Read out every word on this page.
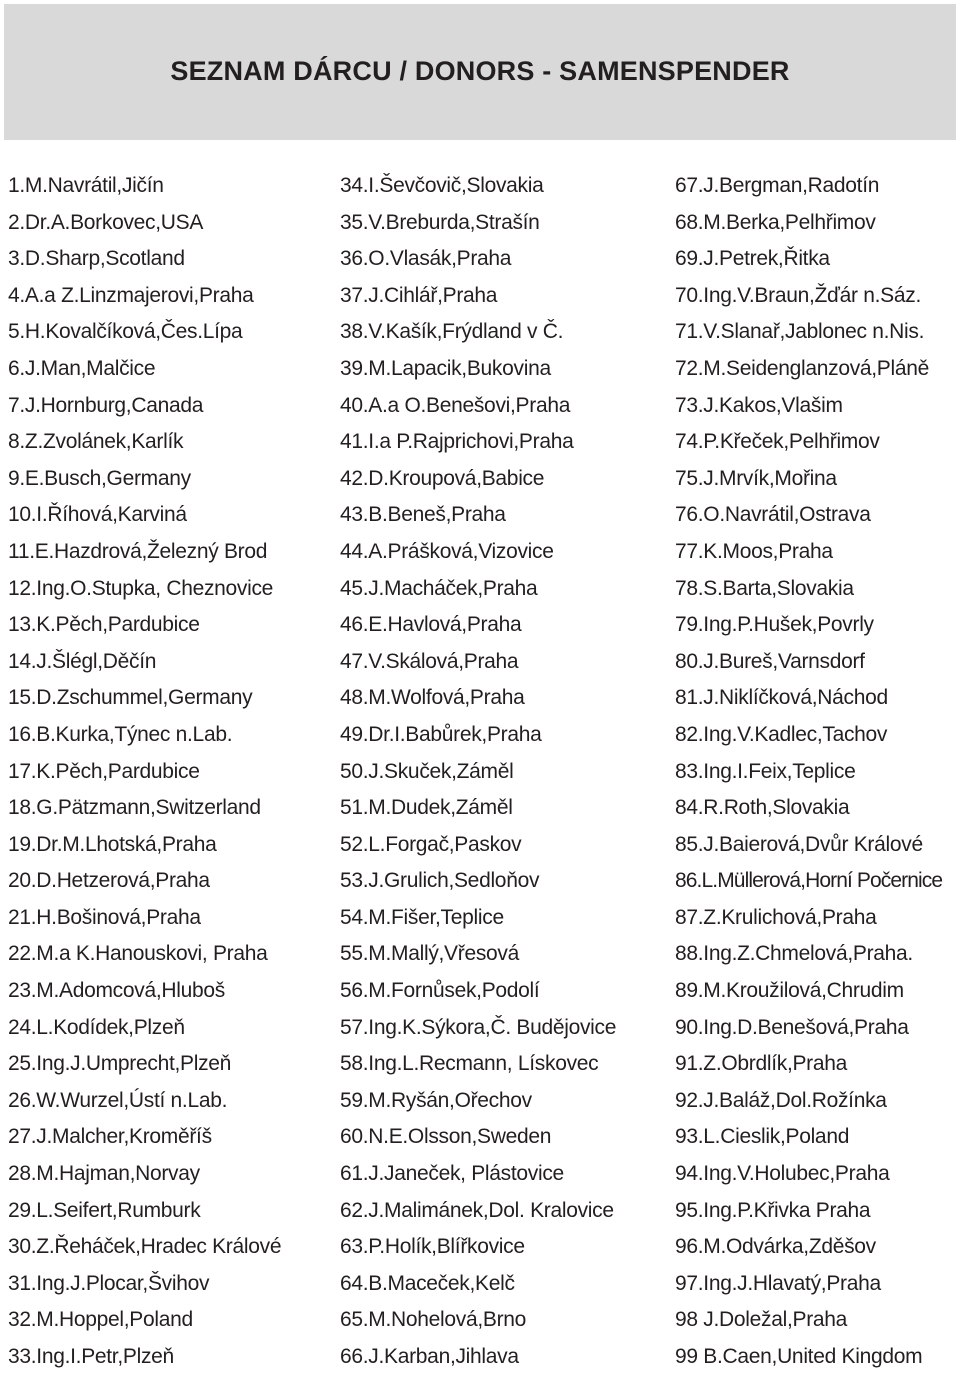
SEZNAM DÁRCU / DONORS - SAMENSPENDER
1.M.Navrátil,Jičín
2.Dr.A.Borkovec,USA
3.D.Sharp,Scotland
4.A.a Z.Linzmajerovi,Praha
5.H.Kovalčíková,Čes.Lípa
6.J.Man,Malčice
7.J.Hornburg,Canada
8.Z.Zvolánek,Karlík
9.E.Busch,Germany
10.I.Říhová,Karviná
11.E.Hazdrová,Železný Brod
12.Ing.O.Stupka, Cheznovice
13.K.Pěch,Pardubice
14.J.Šlégl,Děčín
15.D.Zschummel,Germany
16.B.Kurka,Týnec n.Lab.
17.K.Pěch,Pardubice
18.G.Pätzmann,Switzerland
19.Dr.M.Lhotská,Praha
20.D.Hetzerová,Praha
21.H.Bošinová,Praha
22.M.a K.Hanouskovi, Praha
23.M.Adomcová,Hluboš
24.L.Kodídek,Plzeň
25.Ing.J.Umprecht,Plzeň
26.W.Wurzel,Ústí n.Lab.
27.J.Malcher,Kroměříš
28.M.Hajman,Norvay
29.L.Seifert,Rumburk
30.Z.Řeháček,Hradec Králové
31.Ing.J.Plocar,Švihov
32.M.Hoppel,Poland
33.Ing.I.Petr,Plzeň
34.I.Ševčovič,Slovakia
35.V.Breburda,Strašín
36.O.Vlasák,Praha
37.J.Cihlář,Praha
38.V.Kašík,Frýdland v Č.
39.M.Lapacik,Bukovina
40.A.a O.Benešovi,Praha
41.I.a P.Rajprichovi,Praha
42.D.Kroupová,Babice
43.B.Beneš,Praha
44.A.Prášková,Vizovice
45.J.Macháček,Praha
46.E.Havlová,Praha
47.V.Skálová,Praha
48.M.Wolfová,Praha
49.Dr.I.Babůrek,Praha
50.J.Skuček,Záměl
51.M.Dudek,Záměl
52.L.Forgač,Paskov
53.J.Grulich,Sedloňov
54.M.Fišer,Teplice
55.M.Mallý,Vřesová
56.M.Fornůsek,Podolí
57.Ing.K.Sýkora,Č. Budějovice
58.Ing.L.Recmann, Lískovec
59.M.Ryšán,Ořechov
60.N.E.Olsson,Sweden
61.J.Janeček, Plástovice
62.J.Malimánek,Dol. Kralovice
63.P.Holík,Blířkovice
64.B.Maceček,Kelč
65.M.Nohelová,Brno
66.J.Karban,Jihlava
67.J.Bergman,Radotín
68.M.Berka,Pelhřimov
69.J.Petrek,Řitka
70.Ing.V.Braun,Žďár n.Sáz.
71.V.Slanař,Jablonec n.Nis.
72.M.Seidenglanzová,Pláně
73.J.Kakos,Vlašim
74.P.Křeček,Pelhřimov
75.J.Mrvík,Mořina
76.O.Navrátil,Ostrava
77.K.Moos,Praha
78.S.Barta,Slovakia
79.Ing.P.Hušek,Povrly
80.J.Bureš,Varnsdorf
81.J.Niklíčková,Náchod
82.Ing.V.Kadlec,Tachov
83.Ing.I.Feix,Teplice
84.R.Roth,Slovakia
85.J.Baierová,Dvůr Králové
86.L.Müllerová,Horní Počernice
87.Z.Krulichová,Praha
88.Ing.Z.Chmelová,Praha.
89.M.Kroužilová,Chrudim
90.Ing.D.Benešová,Praha
91.Z.Obrdlík,Praha
92.J.Baláž,Dol.Rožínka
93.L.Cieslik,Poland
94.Ing.V.Holubec,Praha
95.Ing.P.Křivka Praha
96.M.Odvárka,Zděšov
97.Ing.J.Hlavatý,Praha
98 J.Doležal,Praha
99 B.Caen,United Kingdom
